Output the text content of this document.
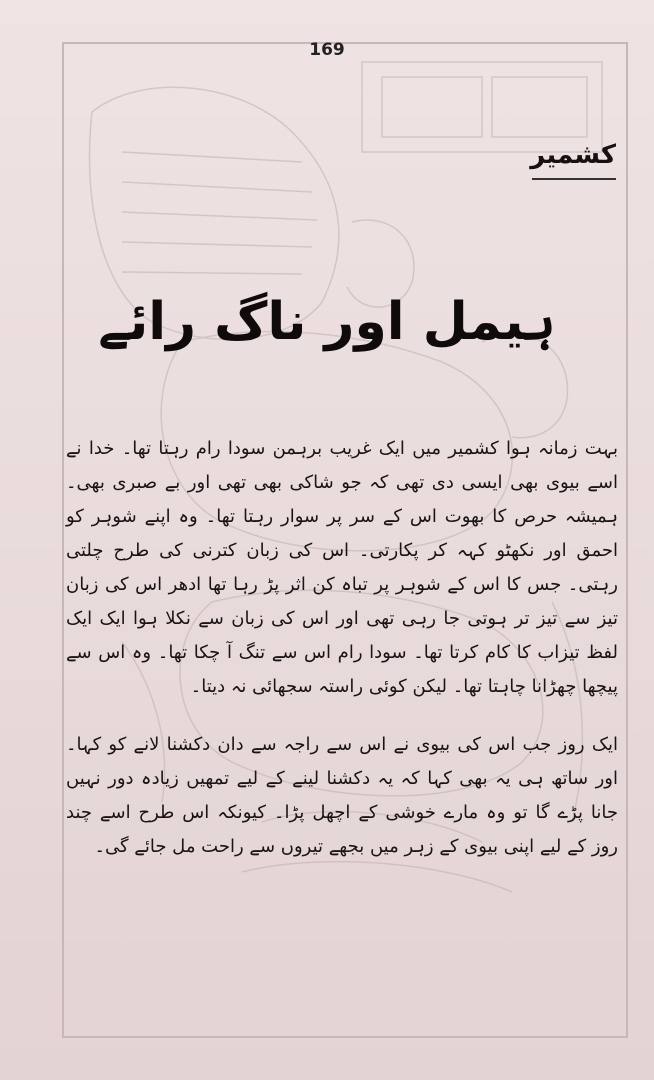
169
کشمیر
ہیمل اور ناگ رائے

بہت زمانہ ہوا کشمیر میں ایک غریب برہمن سودا رام رہتا تھا۔ خدا نے اسے بیوی بھی ایسی دی تھی کہ جو شاکی بھی تھی اور بے صبری بھی۔ ہمیشہ حرص کا بھوت اس کے سر پر سوار رہتا تھا۔ وہ اپنے شوہر کو احمق اور نکھٹو کہہ کر پکارتی۔ اس کی زبان کترنی کی طرح چلتی رہتی۔ جس کا اس کے شوہر پر تباہ کن اثر پڑ رہا تھا ادھر اس کی زبان تیز سے تیز تر ہوتی جا رہی تھی اور اس کی زبان سے نکلا ہوا ایک ایک لفظ تیزاب کا کام کرتا تھا۔ سودا رام اس سے تنگ آ چکا تھا۔ وہ اس سے پیچھا چھڑانا چاہتا تھا۔ لیکن کوئی راستہ سجھائی نہ دیتا۔

ایک روز جب اس کی بیوی نے اس سے راجہ سے دان دکشنا لانے کو کہا۔ اور ساتھ ہی یہ بھی کہا کہ یہ دکشنا لینے کے لیے تمھیں زیادہ دور نہیں جانا پڑے گا تو وہ مارے خوشی کے اچھل پڑا۔ کیونکہ اس طرح اسے چند روز کے لیے اپنی بیوی کے زہر میں بجھے تیروں سے راحت مل جائے گی۔
